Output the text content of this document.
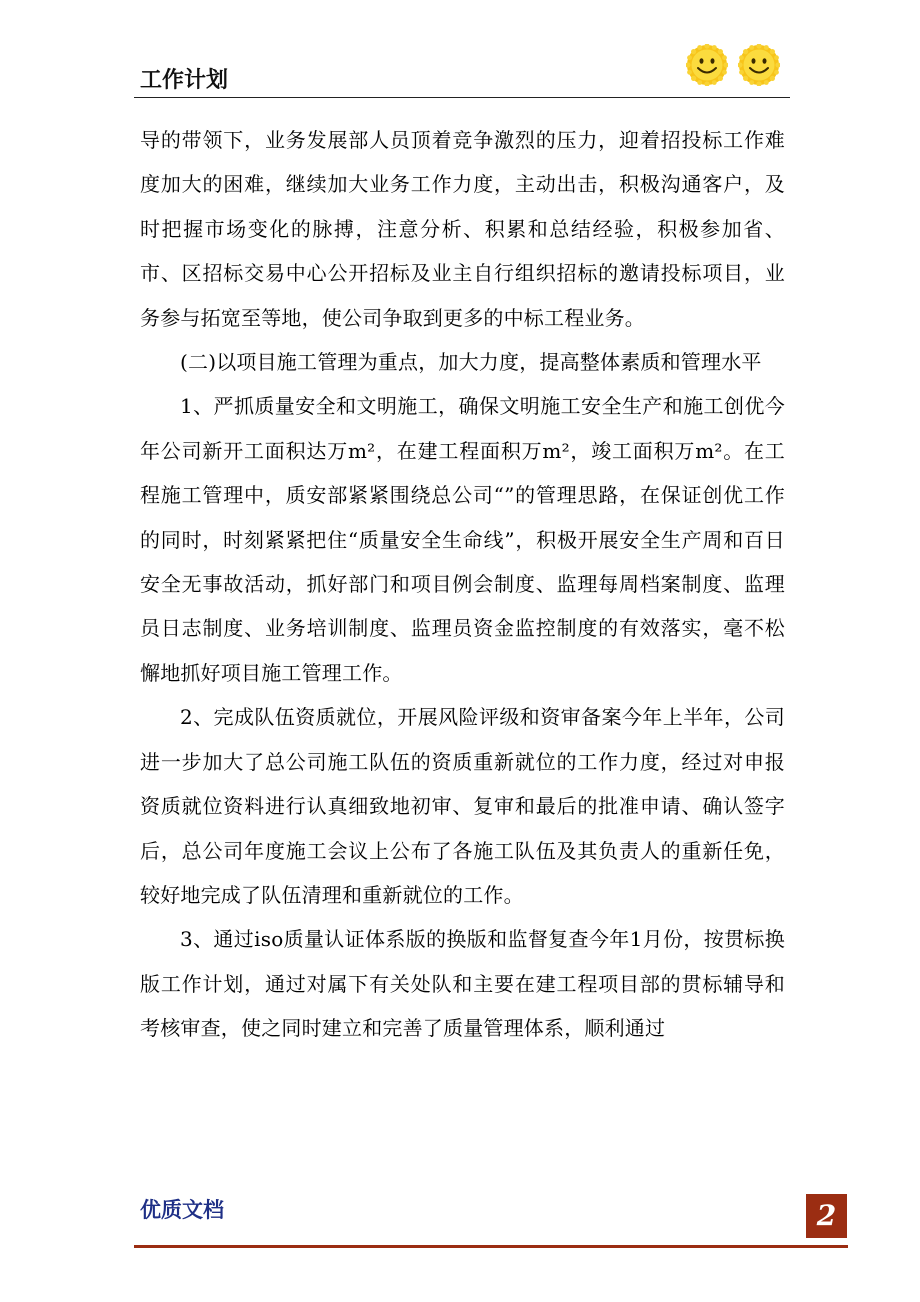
工作计划

导的带领下，业务发展部人员顶着竞争激烈的压力，迎着招投标工作难度加大的困难，继续加大业务工作力度，主动出击，积极沟通客户，及时把握市场变化的脉搏，注意分析、积累和总结经验，积极参加省、市、区招标交易中心公开招标及业主自行组织招标的邀请投标项目，业务参与拓宽至等地，使公司争取到更多的中标工程业务。

(二)以项目施工管理为重点，加大力度，提高整体素质和管理水平

1、严抓质量安全和文明施工，确保文明施工安全生产和施工创优今年公司新开工面积达万m²，在建工程面积万m²，竣工面积万m²。在工程施工管理中，质安部紧紧围绕总公司“”的管理思路，在保证创优工作的同时，时刻紧紧把住“质量安全生命线”，积极开展安全生产周和百日安全无事故活动，抓好部门和项目例会制度、监理每周档案制度、监理员日志制度、业务培训制度、监理员资金监控制度的有效落实，毫不松懈地抓好项目施工管理工作。

2、完成队伍资质就位，开展风险评级和资审备案今年上半年，公司进一步加大了总公司施工队伍的资质重新就位的工作力度，经过对申报资质就位资料进行认真细致地初审、复审和最后的批准申请、确认签字后，总公司年度施工会议上公布了各施工队伍及其负责人的重新任免，较好地完成了队伍清理和重新就位的工作。

3、通过iso质量认证体系版的换版和监督复查今年1月份，按贯标换版工作计划，通过对属下有关处队和主要在建工程项目部的贯标辅导和考核审查，使之同时建立和完善了质量管理体系，顺利通过

优质文档	2
